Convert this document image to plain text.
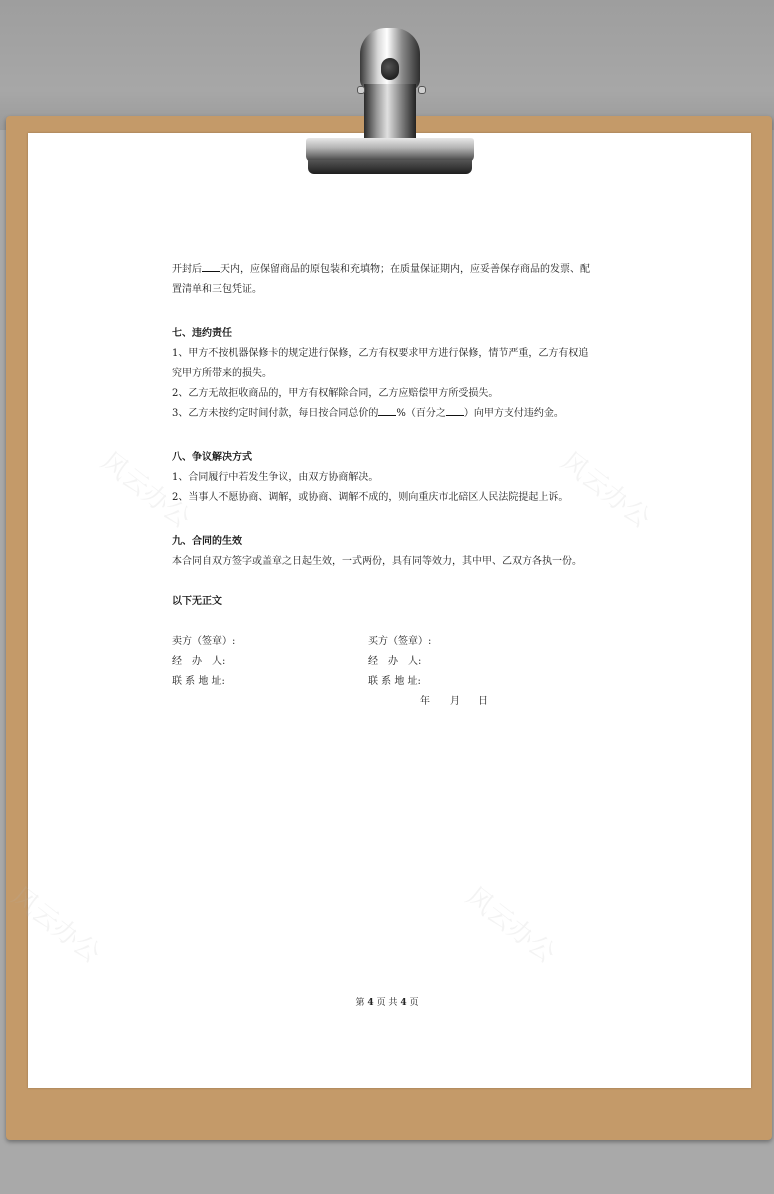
风云办公	风云办公
风云办公	风云办公

开封后 天内，应保留商品的原包装和充填物；在质量保证期内，应妥善保存商品的发票、配

置清单和三包凭证。

七、违约责任

1、甲方不按机器保修卡的规定进行保修，乙方有权要求甲方进行保修，情节严重，乙方有权追

究甲方所带来的损失。

2、乙方无故拒收商品的，甲方有权解除合同，乙方应赔偿甲方所受损失。

3、乙方未按约定时间付款，每日按合同总价的 %（百分之 ）向甲方支付违约金。

八、争议解决方式

1、合同履行中若发生争议，由双方协商解决。

2、当事人不愿协商、调解，或协商、调解不成的，则向重庆市北碚区人民法院提起上诉。

九、合同的生效

本合同自双方签字或盖章之日起生效，一式两份，具有同等效力，其中甲、乙双方各执一份。

以下无正文

卖方（签章）:	买方（签章）:
经　办　人:	经　办　人:
联 系 地 址:	联 系 地 址:
年 月 日
第 4 页 共 4 页
